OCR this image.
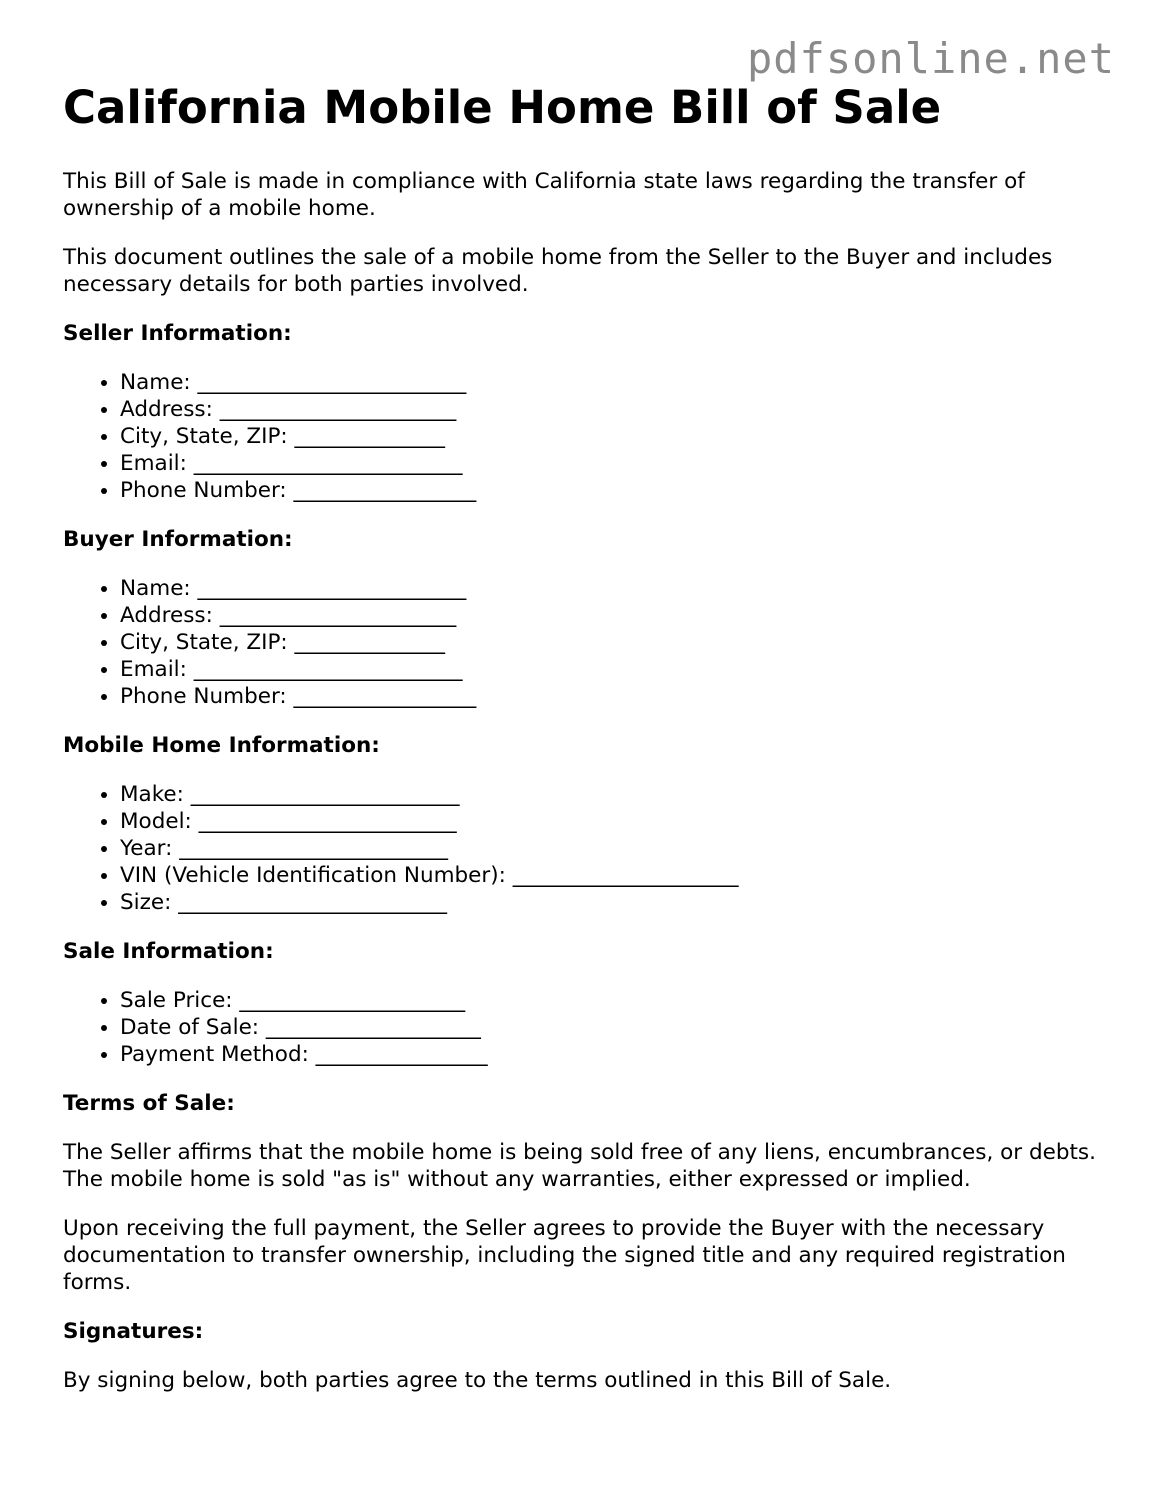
pdfsonline.net
California Mobile Home Bill of Sale

This Bill of Sale is made in compliance with California state laws regarding the transfer of ownership of a mobile home.

This document outlines the sale of a mobile home from the Seller to the Buyer and includes necessary details for both parties involved.

Seller Information:
• Name: _________________________
• Address: ______________________
• City, State, ZIP: ______________
• Email: _________________________
• Phone Number: _________________
Buyer Information:
• Name: _________________________
• Address: ______________________
• City, State, ZIP: ______________
• Email: _________________________
• Phone Number: _________________
Mobile Home Information:
• Make: _________________________
• Model: ________________________
• Year: _________________________
• VIN (Vehicle Identification Number): _____________________
• Size: _________________________
Sale Information:
• Sale Price: _____________________
• Date of Sale: ____________________
• Payment Method: ________________
Terms of Sale:

The Seller affirms that the mobile home is being sold free of any liens, encumbrances, or debts. The mobile home is sold "as is" without any warranties, either expressed or implied.

Upon receiving the full payment, the Seller agrees to provide the Buyer with the necessary documentation to transfer ownership, including the signed title and any required registration forms.

Signatures:

By signing below, both parties agree to the terms outlined in this Bill of Sale.
